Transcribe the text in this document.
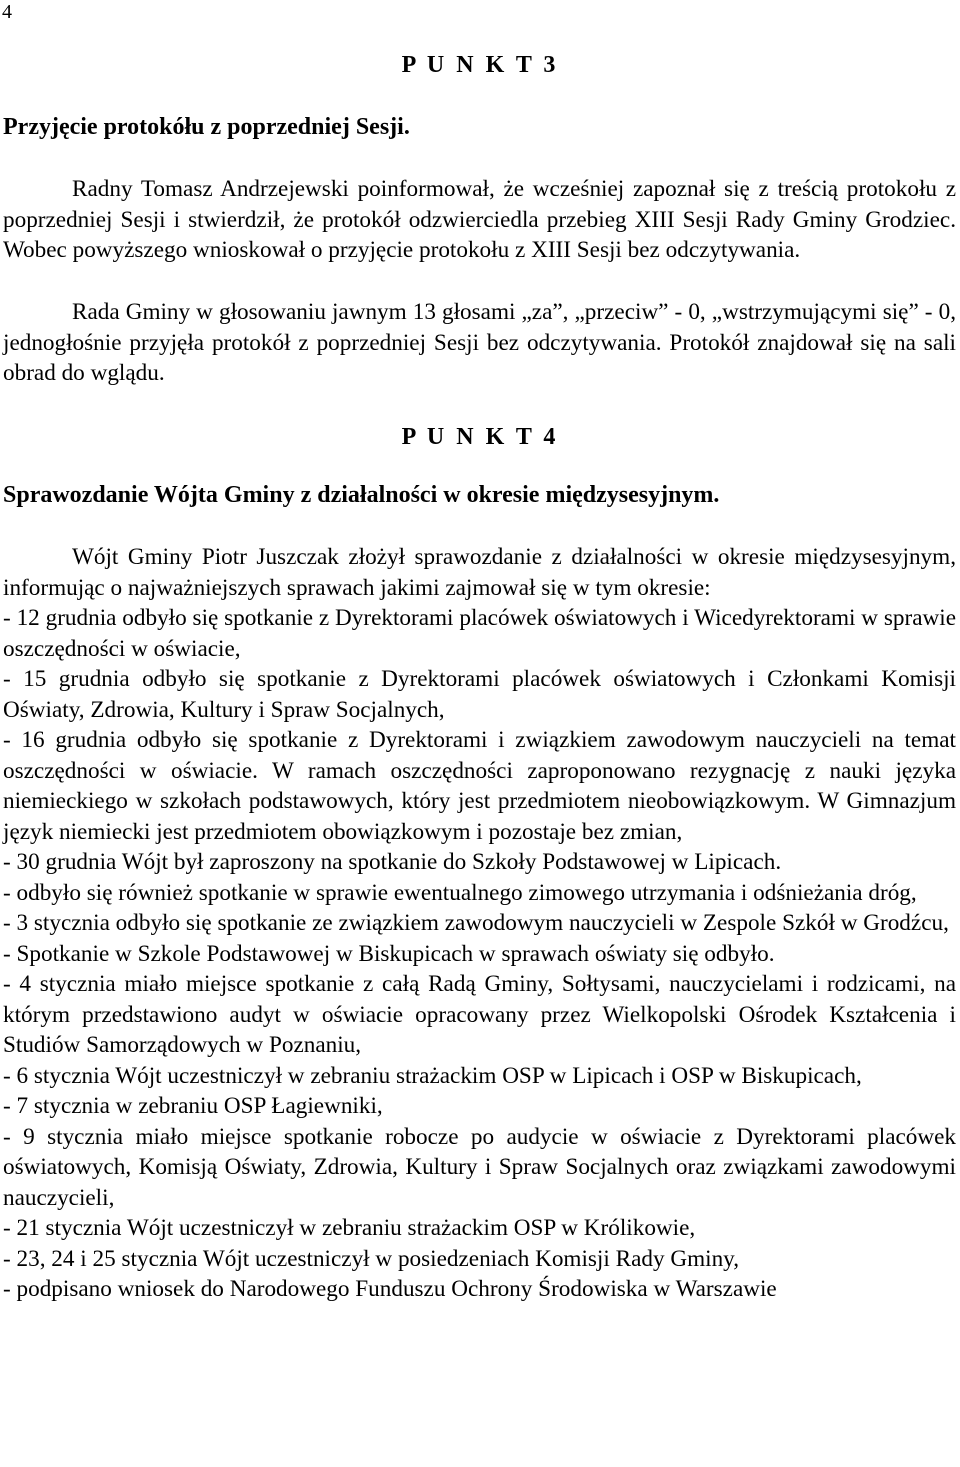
4
P U N K T 3
Przyjęcie protokółu z poprzedniej Sesji.

Radny Tomasz Andrzejewski poinformował, że wcześniej zapoznał się z treścią protokołu z poprzedniej Sesji i stwierdził, że protokół odzwierciedla przebieg XIII Sesji Rady Gminy Grodziec. Wobec powyższego wnioskował o przyjęcie protokołu z XIII Sesji bez odczytywania.

Rada Gminy w głosowaniu jawnym 13 głosami „za”, „przeciw” - 0, „wstrzymującymi się” - 0, jednogłośnie przyjęła protokół z poprzedniej Sesji bez odczytywania. Protokół znajdował się na sali obrad do wglądu.

P U N K T 4
Sprawozdanie Wójta Gminy z działalności w okresie międzysesyjnym.

Wójt Gminy Piotr Juszczak złożył sprawozdanie z działalności w okresie międzysesyjnym, informując o najważniejszych sprawach jakimi zajmował się w tym okresie:

- 12 grudnia odbyło się spotkanie z Dyrektorami placówek oświatowych i Wicedyrektorami w sprawie oszczędności w oświacie,

- 15 grudnia odbyło się spotkanie z Dyrektorami placówek oświatowych i Członkami Komisji Oświaty, Zdrowia, Kultury i Spraw Socjalnych,

- 16 grudnia odbyło się spotkanie z Dyrektorami i związkiem zawodowym nauczycieli na temat oszczędności w oświacie. W ramach oszczędności zaproponowano rezygnację z nauki języka niemieckiego w szkołach podstawowych, który jest przedmiotem nieobowiązkowym. W Gimnazjum język niemiecki jest przedmiotem obowiązkowym i pozostaje bez zmian,

- 30 grudnia Wójt był zaproszony na spotkanie do Szkoły Podstawowej w Lipicach.

- odbyło się również spotkanie w sprawie ewentualnego zimowego utrzymania i odśnieżania dróg,

- 3 stycznia odbyło się spotkanie ze związkiem zawodowym nauczycieli w Zespole Szkół w Grodźcu,

- Spotkanie w Szkole Podstawowej w Biskupicach w sprawach oświaty się odbyło.

- 4 stycznia miało miejsce spotkanie z całą Radą Gminy, Sołtysami, nauczycielami i rodzicami, na którym przedstawiono audyt w oświacie opracowany przez Wielkopolski Ośrodek Kształcenia i Studiów Samorządowych w Poznaniu,

- 6 stycznia Wójt uczestniczył w zebraniu strażackim OSP w Lipicach i OSP w Biskupicach,

- 7 stycznia w zebraniu OSP Łagiewniki,

- 9 stycznia miało miejsce spotkanie robocze po audycie w oświacie z Dyrektorami placówek oświatowych, Komisją Oświaty, Zdrowia, Kultury i Spraw Socjalnych oraz związkami zawodowymi nauczycieli,

- 21 stycznia Wójt uczestniczył w zebraniu strażackim OSP w Królikowie,

- 23, 24 i 25 stycznia Wójt uczestniczył w posiedzeniach Komisji Rady Gminy,

- podpisano wniosek do Narodowego Funduszu Ochrony Środowiska w Warszawie
